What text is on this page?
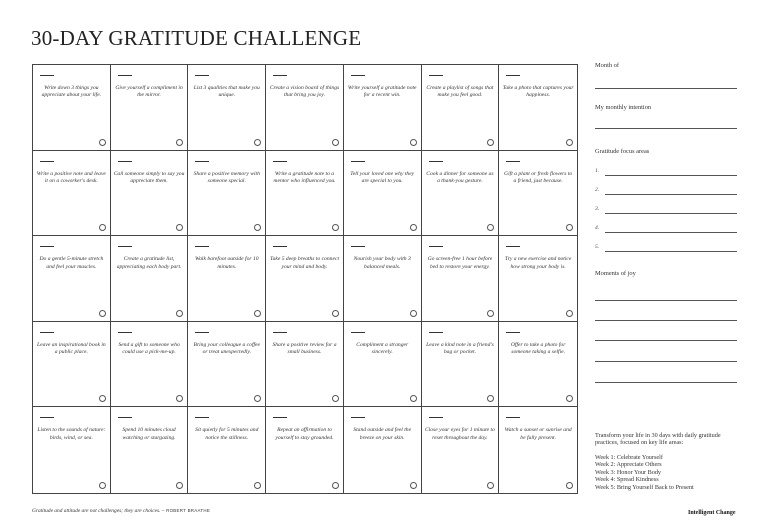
30-DAY GRATITUDE CHALLENGE
Write down 3 things you appreciate about your life.
Give yourself a compliment in the mirror.
List 3 qualities that make you unique.
Create a vision board of things that bring you joy.
Write yourself a gratitude note for a recent win.
Create a playlist of songs that make you feel good.
Take a photo that captures your happiness.
Write a positive note and leave it on a coworker's desk.
Call someone simply to say you appreciate them.
Share a positive memory with someone special.
Write a gratitude note to a mentor who influenced you.
Tell your loved one why they are special to you.
Cook a dinner for someone as a thank-you gesture.
Gift a plant or fresh flowers to a friend, just because.
Do a gentle 5-minute stretch and feel your muscles.
Create a gratitude list, appreciating each body part.
Walk barefoot outside for 10 minutes.
Take 5 deep breaths to connect your mind and body.
Nourish your body with 3 balanced meals.
Go screen-free 1 hour before bed to restore your energy.
Try a new exercise and notice how strong your body is.
Leave an inspirational book in a public place.
Send a gift to someone who could use a pick-me-up.
Bring your colleague a coffee or treat unexpectedly.
Share a positive review for a small business.
Compliment a stranger sincerely.
Leave a kind note in a friend's bag or pocket.
Offer to take a photo for someone taking a selfie.
Listen to the sounds of nature: birds, wind, or sea.
Spend 10 minutes cloud watching or stargazing.
Sit quietly for 5 minutes and notice the stillness.
Repeat an affirmation to yourself to stay grounded.
Stand outside and feel the breeze on your skin.
Close your eyes for 1 minute to reset throughout the day.
Watch a sunset or sunrise and be fully present.
Month of
My monthly intention
Gratitude focus areas
1.
2.
3.
4.
5.
Moments of joy
Transform your life in 30 days with daily gratitude practices, focused on key life areas:
Week 1: Celebrate Yourself
Week 2: Appreciate Others
Week 3: Honor Your Body
Week 4: Spread Kindness
Week 5: Bring Yourself Back to Present
Gratitude and attitude are not challenges; they are choices. – ROBERT BRAATHE	Intelligent Change
